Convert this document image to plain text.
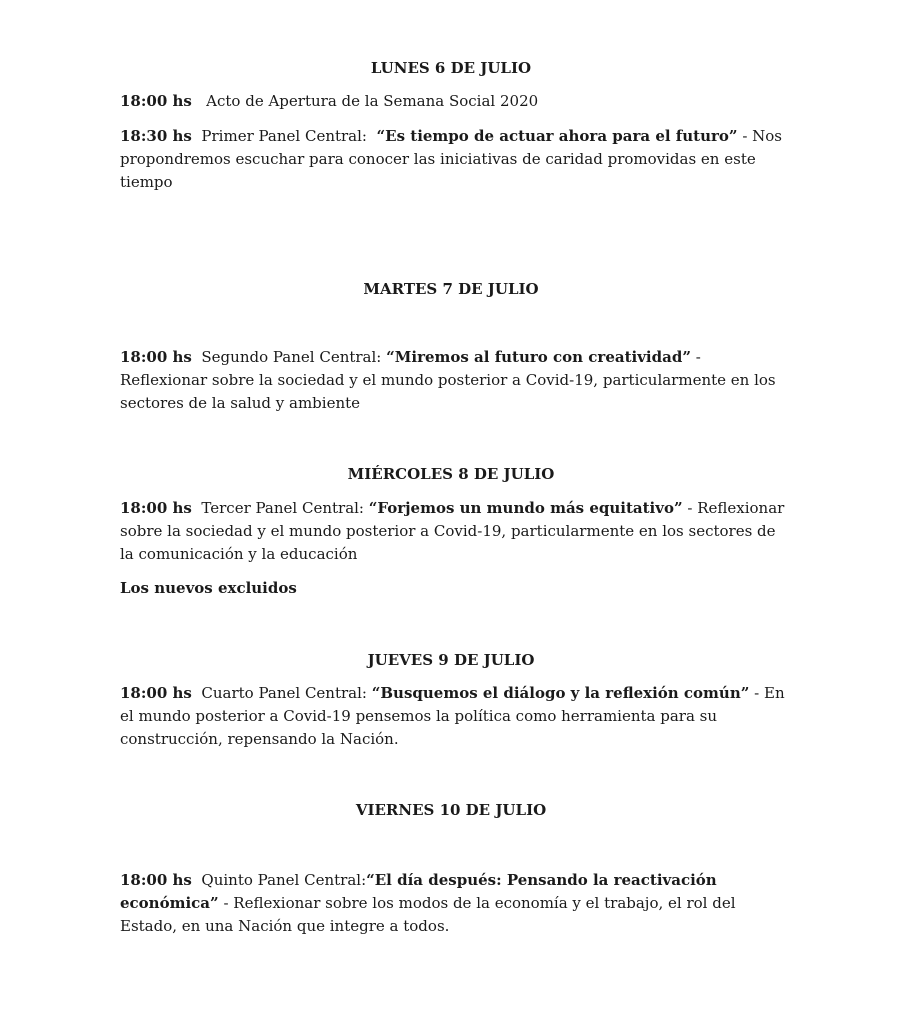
LUNES 6 DE JULIO

18:00 hs Acto de Apertura de la Semana Social 2020

18:30 hs Primer Panel Central: “Es tiempo de actuar ahora para el futuro” - Nos propondremos escuchar para conocer las iniciativas de caridad promovidas en este tiempo

MARTES 7 DE JULIO

18:00 hs Segundo Panel Central: “Miremos al futuro con creatividad” - Reflexionar sobre la sociedad y el mundo posterior a Covid-19, particularmente en los sectores de la salud y ambiente

MIÉRCOLES 8 DE JULIO

18:00 hs Tercer Panel Central: “Forjemos un mundo más equitativo” - Reflexionar sobre la sociedad y el mundo posterior a Covid-19, particularmente en los sectores de la comunicación y la educación

Los nuevos excluidos

JUEVES 9 DE JULIO

18:00 hs Cuarto Panel Central: “Busquemos el diálogo y la reflexión común” - En el mundo posterior a Covid-19 pensemos la política como herramienta para su construcción, repensando la Nación.

VIERNES 10 DE JULIO

18:00 hs Quinto Panel Central:“El día después: Pensando la reactivación económica” - Reflexionar sobre los modos de la economía y el trabajo, el rol del Estado, en una Nación que integre a todos.
